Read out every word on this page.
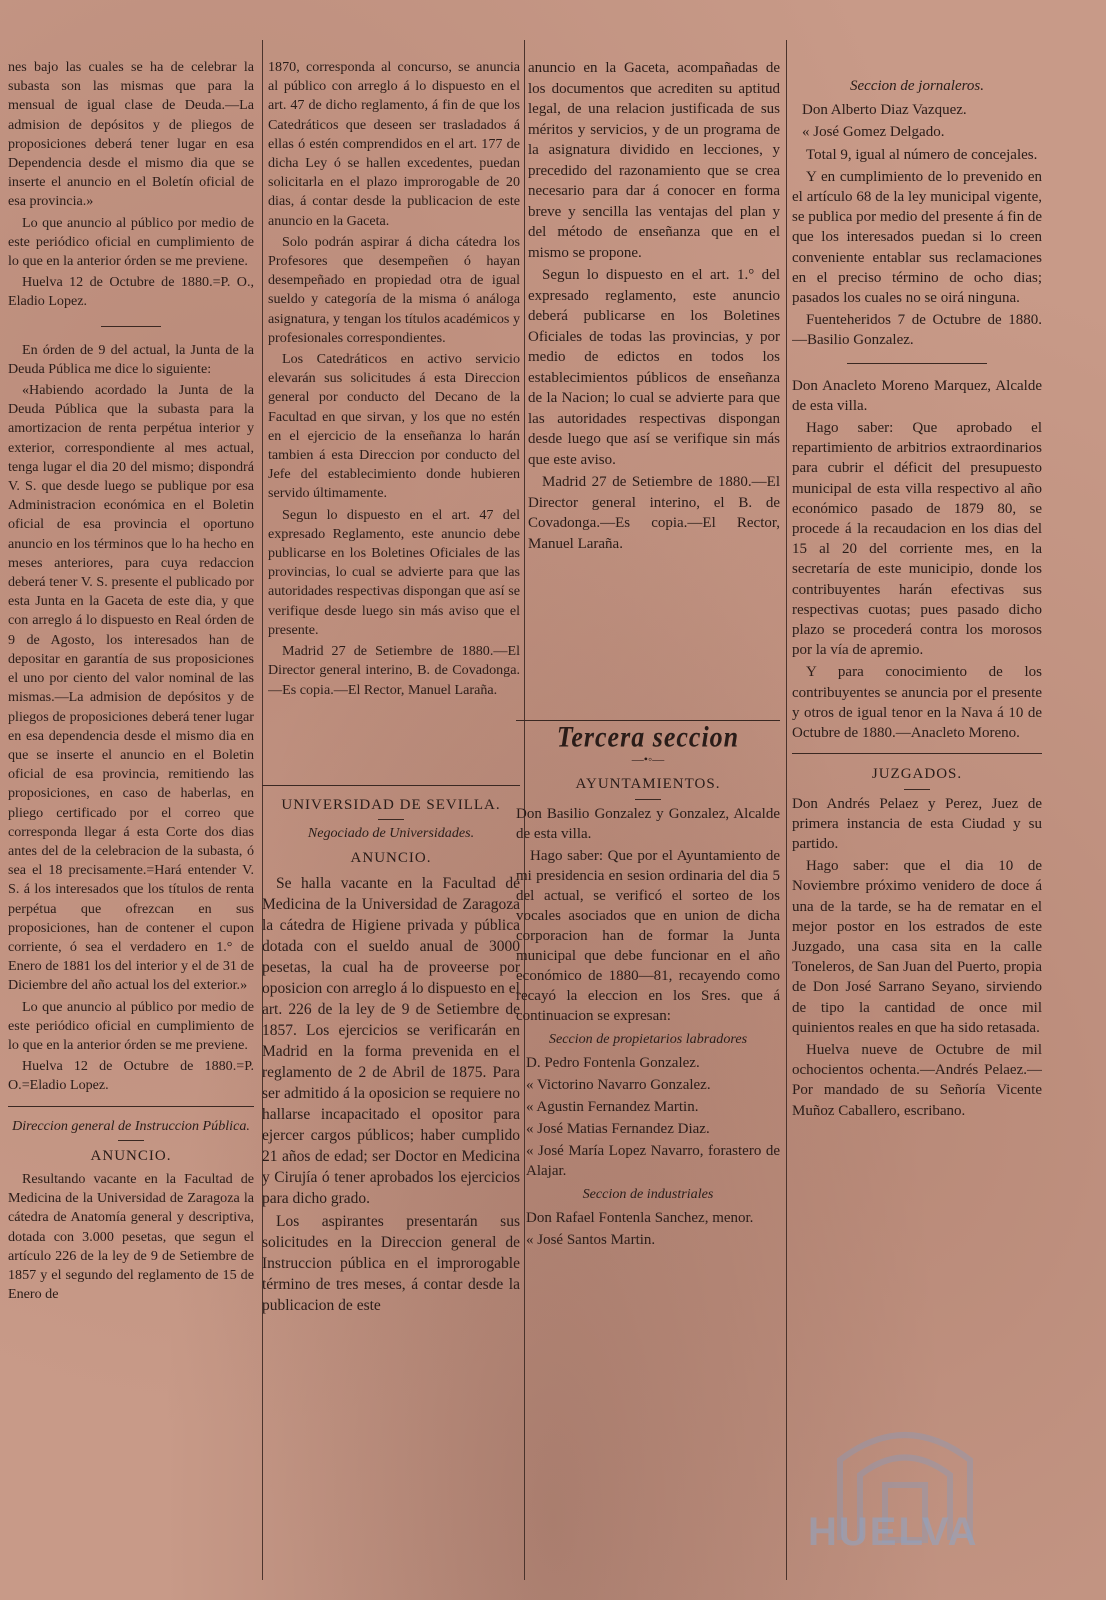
nes bajo las cuales se ha de celebrar la subasta son las mismas que para la mensual de igual clase de Deuda.—La admision de depósitos y de pliegos de proposiciones deberá tener lugar en esa Dependencia desde el mismo dia que se inserte el anuncio en el Boletín oficial de esa provincia.»

Lo que anuncio al público por medio de este periódico oficial en cumplimiento de lo que en la anterior órden se me previene.

Huelva 12 de Octubre de 1880.=P. O., Eladio Lopez.

En órden de 9 del actual, la Junta de la Deuda Pública me dice lo siguiente:

«Habiendo acordado la Junta de la Deuda Pública que la subasta para la amortizacion de renta perpétua interior y exterior, correspondiente al mes actual, tenga lugar el dia 20 del mismo; dispondrá V. S. que desde luego se publique por esa Administracion económica en el Boletin oficial de esa provincia el oportuno anuncio en los términos que lo ha hecho en meses anteriores, para cuya redaccion deberá tener V. S. presente el publicado por esta Junta en la Gaceta de este dia, y que con arreglo á lo dispuesto en Real órden de 9 de Agosto, los interesados han de depositar en garantía de sus proposiciones el uno por ciento del valor nominal de las mismas.—La admision de depósitos y de pliegos de proposiciones deberá tener lugar en esa dependencia desde el mismo dia en que se inserte el anuncio en el Boletin oficial de esa provincia, remitiendo las proposiciones, en caso de haberlas, en pliego certificado por el correo que corresponda llegar á esta Corte dos dias antes del de la celebracion de la subasta, ó sea el 18 precisamente.=Hará entender V. S. á los interesados que los títulos de renta perpétua que ofrezcan en sus proposiciones, han de contener el cupon corriente, ó sea el verdadero en 1.° de Enero de 1881 los del interior y el de 31 de Diciembre del año actual los del exterior.»

Lo que anuncio al público por medio de este periódico oficial en cumplimiento de lo que en la anterior órden se me previene.

Huelva 12 de Octubre de 1880.=P. O.=Eladio Lopez.

Direccion general de Instruccion Pública.
ANUNCIO.

Resultando vacante en la Facultad de Medicina de la Universidad de Zaragoza la cátedra de Anatomía general y descriptiva, dotada con 3.000 pesetas, que segun el artículo 226 de la ley de 9 de Setiembre de 1857 y el segundo del reglamento de 15 de Enero de

1870, corresponda al concurso, se anuncia al público con arreglo á lo dispuesto en el art. 47 de dicho reglamento, á fin de que los Catedráticos que deseen ser trasladados á ellas ó estén comprendidos en el art. 177 de dicha Ley ó se hallen excedentes, puedan solicitarla en el plazo improrogable de 20 dias, á contar desde la publicacion de este anuncio en la Gaceta.

Solo podrán aspirar á dicha cátedra los Profesores que desempeñen ó hayan desempeñado en propiedad otra de igual sueldo y categoría de la misma ó análoga asignatura, y tengan los títulos académicos y profesionales correspondientes.

Los Catedráticos en activo servicio elevarán sus solicitudes á esta Direccion general por conducto del Decano de la Facultad en que sirvan, y los que no estén en el ejercicio de la enseñanza lo harán tambien á esta Direccion por conducto del Jefe del establecimiento donde hubieren servido últimamente.

Segun lo dispuesto en el art. 47 del expresado Reglamento, este anuncio debe publicarse en los Boletines Oficiales de las provincias, lo cual se advierte para que las autoridades respectivas dispongan que así se verifique desde luego sin más aviso que el presente.

Madrid 27 de Setiembre de 1880.—El Director general interino, B. de Covadonga.—Es copia.—El Rector, Manuel Laraña.

UNIVERSIDAD DE SEVILLA.
Negociado de Universidades.
ANUNCIO.

Se halla vacante en la Facultad de Medicina de la Universidad de Zaragoza la cátedra de Higiene privada y pública dotada con el sueldo anual de 3000 pesetas, la cual ha de proveerse por oposicion con arreglo á lo dispuesto en el art. 226 de la ley de 9 de Setiembre de 1857. Los ejercicios se verificarán en Madrid en la forma prevenida en el reglamento de 2 de Abril de 1875. Para ser admitido á la oposicion se requiere no hallarse incapacitado el opositor para ejercer cargos públicos; haber cumplido 21 años de edad; ser Doctor en Medicina y Cirujía ó tener aprobados los ejercicios para dicho grado.

Los aspirantes presentarán sus solicitudes en la Direccion general de Instruccion pública en el improrogable término de tres meses, á contar desde la publicacion de este

anuncio en la Gaceta, acompañadas de los documentos que acrediten su aptitud legal, de una relacion justificada de sus méritos y servicios, y de un programa de la asignatura dividido en lecciones, y precedido del razonamiento que se crea necesario para dar á conocer en forma breve y sencilla las ventajas del plan y del método de enseñanza que en el mismo se propone.

Segun lo dispuesto en el art. 1.° del expresado reglamento, este anuncio deberá publicarse en los Boletines Oficiales de todas las provincias, y por medio de edictos en todos los establecimientos públicos de enseñanza de la Nacion; lo cual se advierte para que las autoridades respectivas dispongan desde luego que así se verifique sin más que este aviso.

Madrid 27 de Setiembre de 1880.—El Director general interino, el B. de Covadonga.—Es copia.—El Rector, Manuel Laraña.

Tercera seccion
—•◦—
AYUNTAMIENTOS.

Don Basilio Gonzalez y Gonzalez, Alcalde de esta villa.

Hago saber: Que por el Ayuntamiento de mi presidencia en sesion ordinaria del dia 5 del actual, se verificó el sorteo de los vocales asociados que en union de dicha corporacion han de formar la Junta municipal que debe funcionar en el año económico de 1880—81, recayendo como recayó la eleccion en los Sres. que á continuacion se expresan:

Seccion de propietarios labradores

D. Pedro Fontenla Gonzalez.

« Victorino Navarro Gonzalez.

« Agustin Fernandez Martin.

« José Matias Fernandez Diaz.

« José María Lopez Navarro, forastero de Alajar.

Seccion de industriales

Don Rafael Fontenla Sanchez, menor.

« José Santos Martin.

Seccion de jornaleros.

Don Alberto Diaz Vazquez.

« José Gomez Delgado.

Total 9, igual al número de concejales.

Y en cumplimiento de lo prevenido en el artículo 68 de la ley municipal vigente, se publica por medio del presente á fin de que los interesados puedan si lo creen conveniente entablar sus reclamaciones en el preciso término de ocho dias; pasados los cuales no se oirá ninguna.

Fuenteheridos 7 de Octubre de 1880.—Basilio Gonzalez.

Don Anacleto Moreno Marquez, Alcalde de esta villa.

Hago saber: Que aprobado el repartimiento de arbitrios extraordinarios para cubrir el déficit del presupuesto municipal de esta villa respectivo al año económico pasado de 1879 80, se procede á la recaudacion en los dias del 15 al 20 del corriente mes, en la secretaría de este municipio, donde los contribuyentes harán efectivas sus respectivas cuotas; pues pasado dicho plazo se procederá contra los morosos por la vía de apremio.

Y para conocimiento de los contribuyentes se anuncia por el presente y otros de igual tenor en la Nava á 10 de Octubre de 1880.—Anacleto Moreno.

JUZGADOS.

Don Andrés Pelaez y Perez, Juez de primera instancia de esta Ciudad y su partido.

Hago saber: que el dia 10 de Noviembre próximo venidero de doce á una de la tarde, se ha de rematar en el mejor postor en los estrados de este Juzgado, una casa sita en la calle Toneleros, de San Juan del Puerto, propia de Don José Sarrano Seyano, sirviendo de tipo la cantidad de once mil quinientos reales en que ha sido retasada.

Huelva nueve de Octubre de mil ochocientos ochenta.—Andrés Pelaez.—Por mandado de su Señoría Vicente Muñoz Caballero, escribano.

HUELVA
